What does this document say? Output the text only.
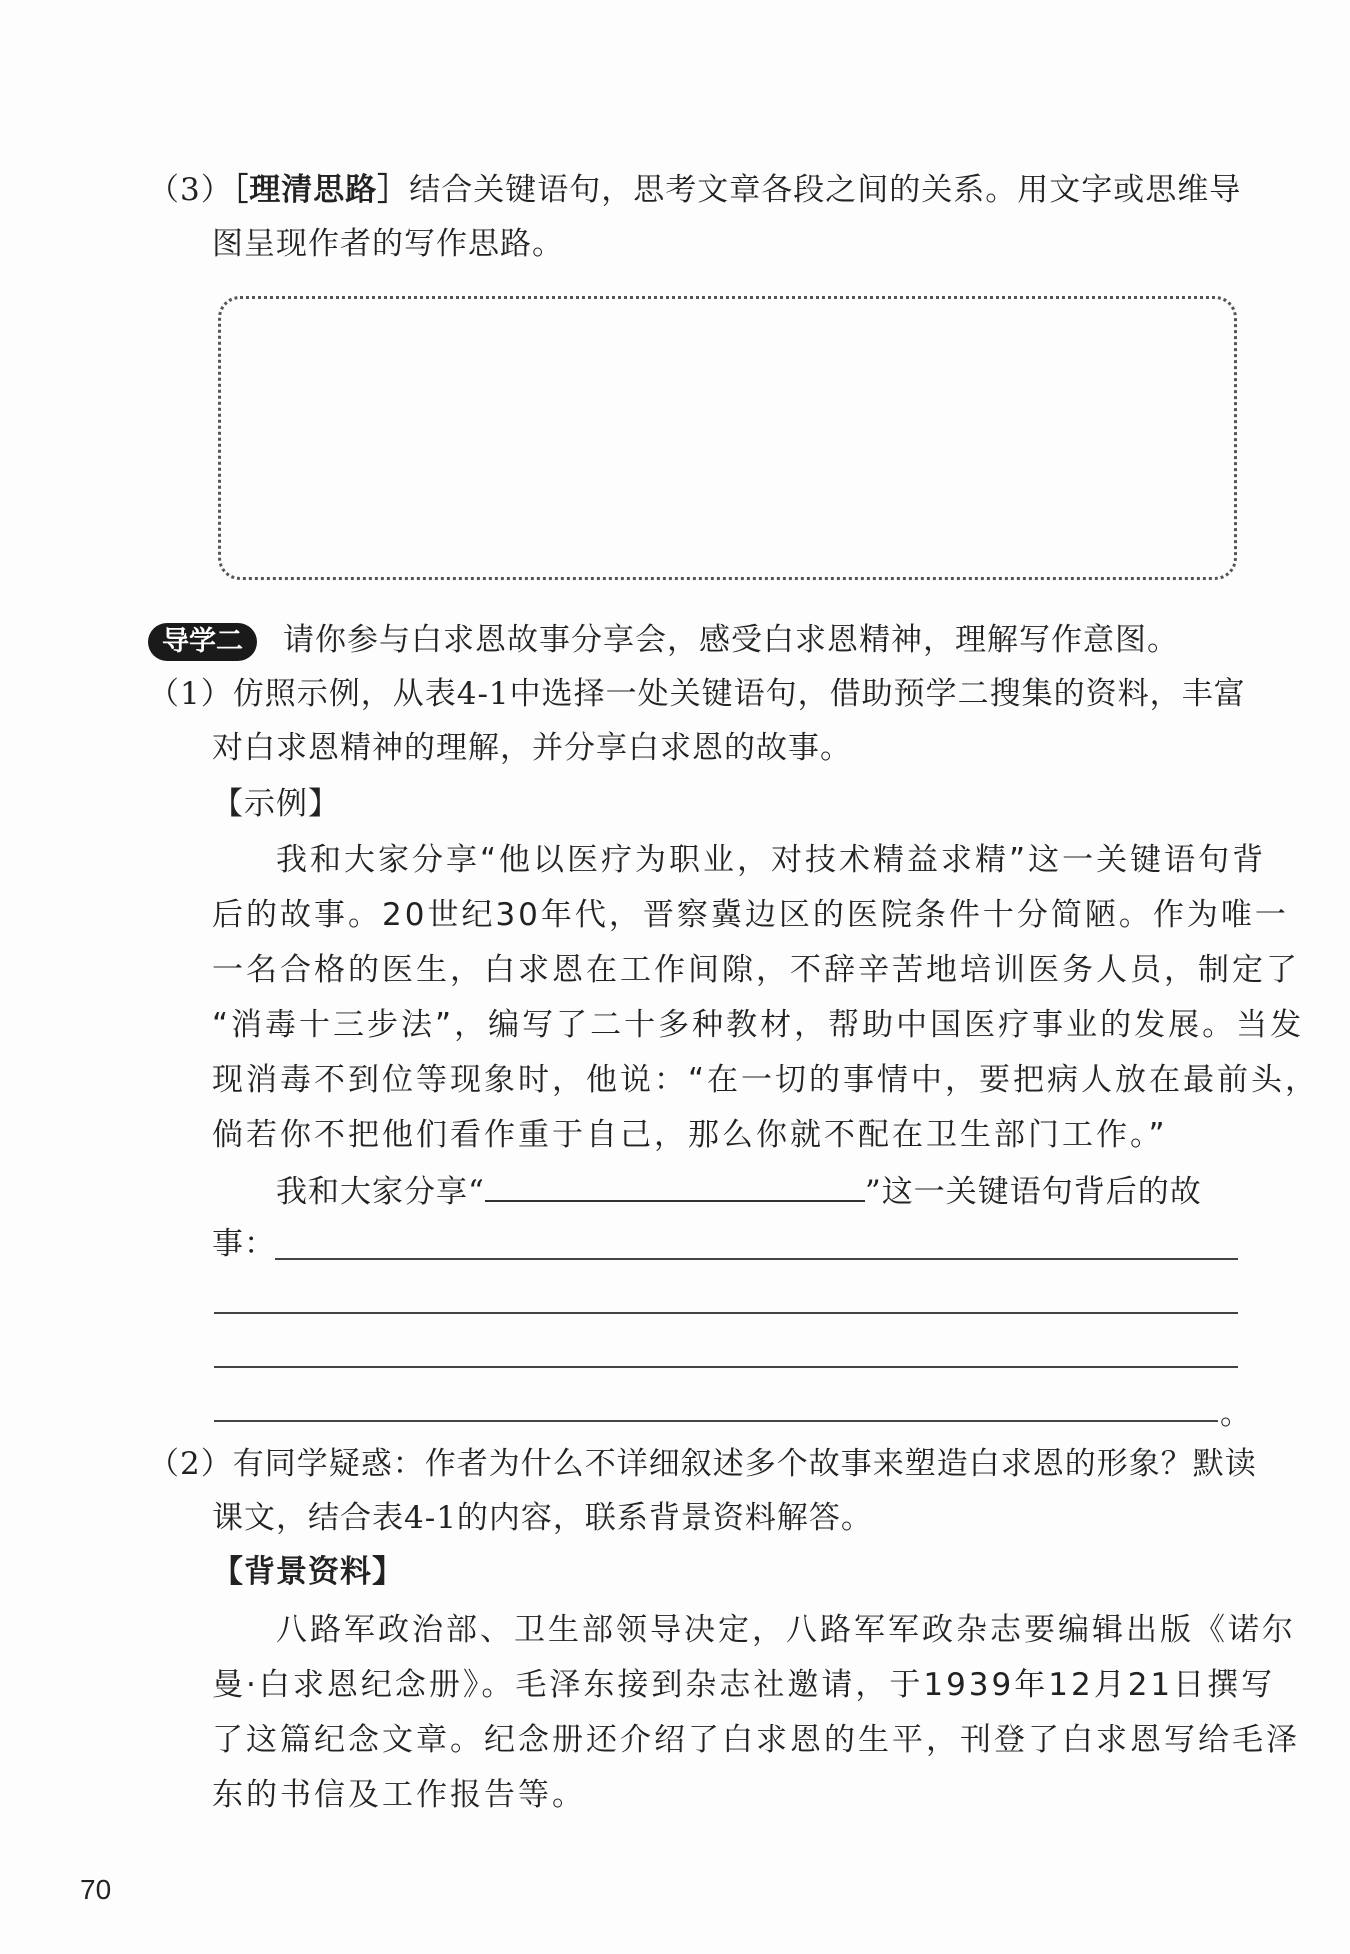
（3）［理清思路］结合关键语句，思考文章各段之间的关系。用文字或思维导
图呈现作者的写作思路。
导学二 请你参与白求恩故事分享会，感受白求恩精神，理解写作意图。
（1）仿照示例，从表4-1中选择一处关键语句，借助预学二搜集的资料，丰富
对白求恩精神的理解，并分享白求恩的故事。
【示例】
我和大家分享“他以医疗为职业，对技术精益求精”这一关键语句背
后的故事。20世纪30年代，晋察冀边区的医院条件十分简陋。作为唯一
一名合格的医生，白求恩在工作间隙，不辞辛苦地培训医务人员，制定了
“消毒十三步法”，编写了二十多种教材，帮助中国医疗事业的发展。当发
现消毒不到位等现象时，他说：“在一切的事情中，要把病人放在最前头，
倘若你不把他们看作重于自己，那么你就不配在卫生部门工作。”
我和大家分享“	”这一关键语句背后的故
事：
。
（2）有同学疑惑：作者为什么不详细叙述多个故事来塑造白求恩的形象？默读
课文，结合表4-1的内容，联系背景资料解答。
【背景资料】
八路军政治部、卫生部领导决定，八路军军政杂志要编辑出版《诺尔
曼·白求恩纪念册》。毛泽东接到杂志社邀请，于1939年12月21日撰写
了这篇纪念文章。纪念册还介绍了白求恩的生平，刊登了白求恩写给毛泽
东的书信及工作报告等。
70
